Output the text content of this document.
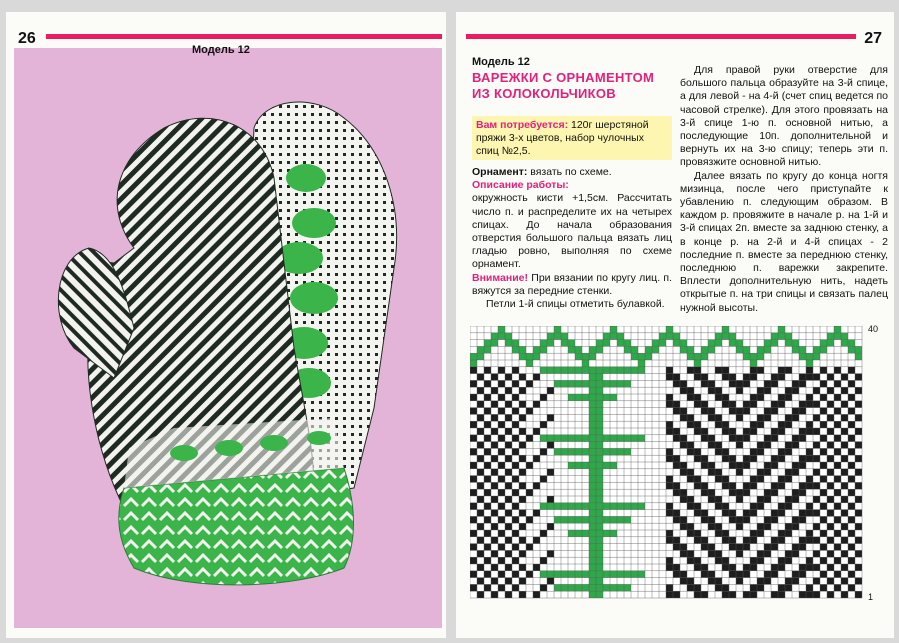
26
Модель 12
27
Модель 12
ВАРЕЖКИ С ОРНАМЕНТОМ
ИЗ КОЛОКОЛЬЧИКОВ
Вам потребуется: 120г шерстяной пряжи 3-х цветов, набор чулочных спиц №2,5.

Орнамент: вязать по схеме.

Описание работы:

окружность кисти +1,5см. Рассчитать число п. и распределите их на четырех спицах. До начала образования отверстия большого пальца вязать лиц гладью ровно, выполняя по схеме орнамент.

Внимание! При вязании по кругу лиц. п. вяжутся за передние стенки.

Петли 1-й спицы отметить булавкой.

Для правой руки отверстие для большого пальца образуйте на 3-й спице, а для левой - на 4-й (счет спиц ведется по часовой стрелке). Для этого провязать на 3-й спице 1-ю п. основной нитью, а последующие 10п. дополнительной и вернуть их на 3-ю спицу; теперь эти п. провязжите основной нитью.

Далее вязать по кругу до конца ногтя мизинца, после чего приступайте к убавлению п. следующим образом. В каждом р. провяжите в начале р. на 1-й и 3-й спицах 2п. вместе за заднюю стенку, а в конце р. на 2-й и 4-й спицах - 2 последние п. вместе за переднюю стенку, последнюю п. варежки закрепите. Вплести дополнительную нить, надеть открытые п. на три спицы и связать палец нужной высоты.

40
1
